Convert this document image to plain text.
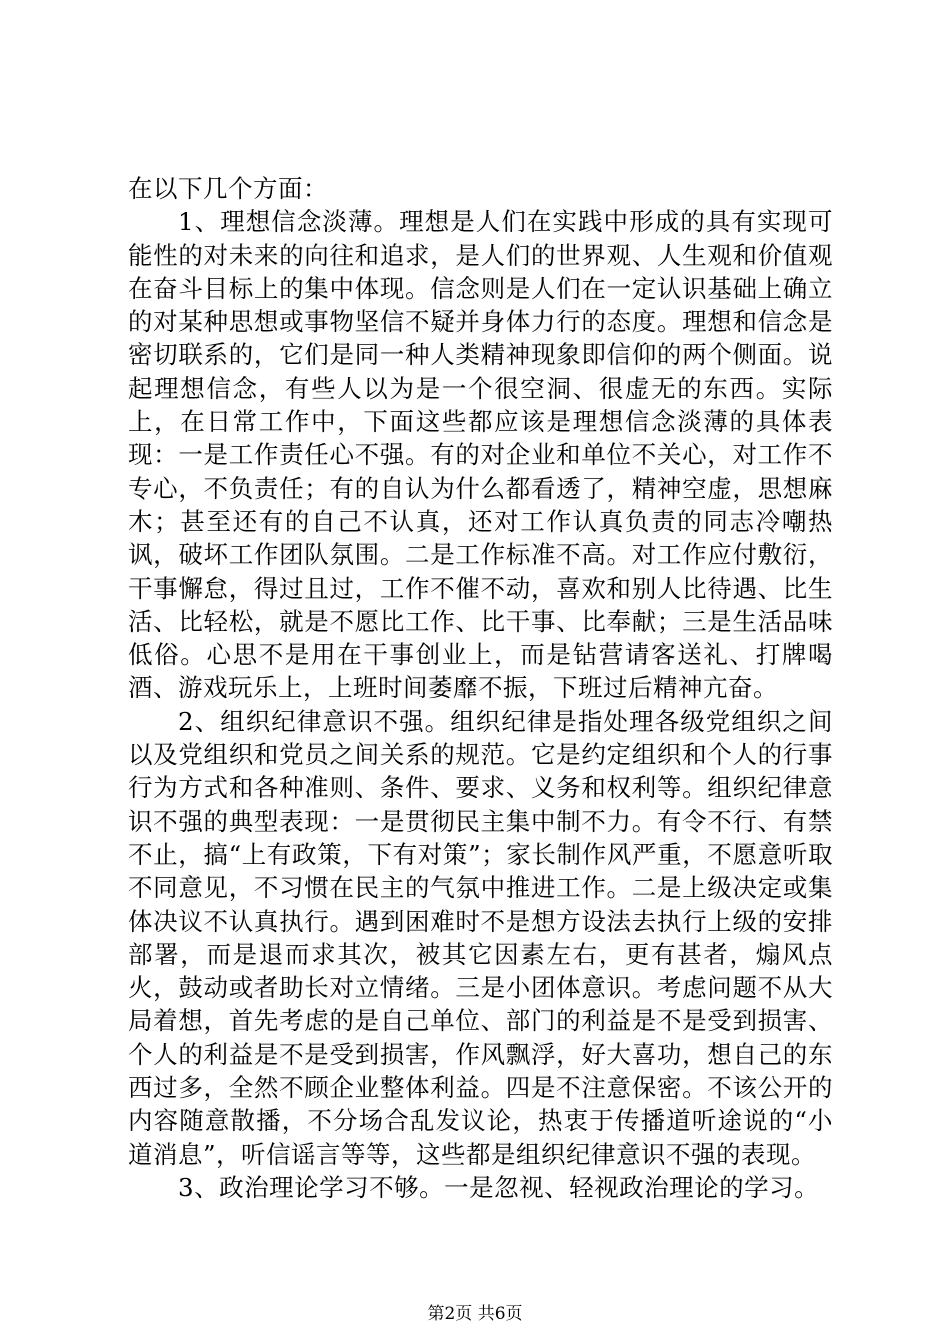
在以下几个方面：

1、理想信念淡薄。理想是人们在实践中形成的具有实现可能性的对未来的向往和追求，是人们的世界观、人生观和价值观在奋斗目标上的集中体现。信念则是人们在一定认识基础上确立的对某种思想或事物坚信不疑并身体力行的态度。理想和信念是密切联系的，它们是同一种人类精神现象即信仰的两个侧面。说起理想信念，有些人以为是一个很空洞、很虚无的东西。实际上，在日常工作中，下面这些都应该是理想信念淡薄的具体表现：一是工作责任心不强。有的对企业和单位不关心，对工作不专心，不负责任；有的自认为什么都看透了，精神空虚，思想麻木；甚至还有的自己不认真，还对工作认真负责的同志冷嘲热讽，破坏工作团队氛围。二是工作标准不高。对工作应付敷衍，干事懈怠，得过且过，工作不催不动，喜欢和别人比待遇、比生活、比轻松，就是不愿比工作、比干事、比奉献；三是生活品味低俗。心思不是用在干事创业上，而是钻营请客送礼、打牌喝酒、游戏玩乐上，上班时间萎靡不振，下班过后精神亢奋。

2、组织纪律意识不强。组织纪律是指处理各级党组织之间以及党组织和党员之间关系的规范。它是约定组织和个人的行事行为方式和各种准则、条件、要求、义务和权利等。组织纪律意识不强的典型表现：一是贯彻民主集中制不力。有令不行、有禁不止，搞“上有政策，下有对策”；家长制作风严重，不愿意听取不同意见，不习惯在民主的气氛中推进工作。二是上级决定或集体决议不认真执行。遇到困难时不是想方设法去执行上级的安排部署，而是退而求其次，被其它因素左右，更有甚者，煽风点火，鼓动或者助长对立情绪。三是小团体意识。考虑问题不从大局着想，首先考虑的是自己单位、部门的利益是不是受到损害、个人的利益是不是受到损害，作风飘浮，好大喜功，想自己的东西过多，全然不顾企业整体利益。四是不注意保密。不该公开的内容随意散播，不分场合乱发议论，热衷于传播道听途说的“小道消息”，听信谣言等等，这些都是组织纪律意识不强的表现。

3、政治理论学习不够。一是忽视、轻视政治理论的学习。

第2页 共6页
